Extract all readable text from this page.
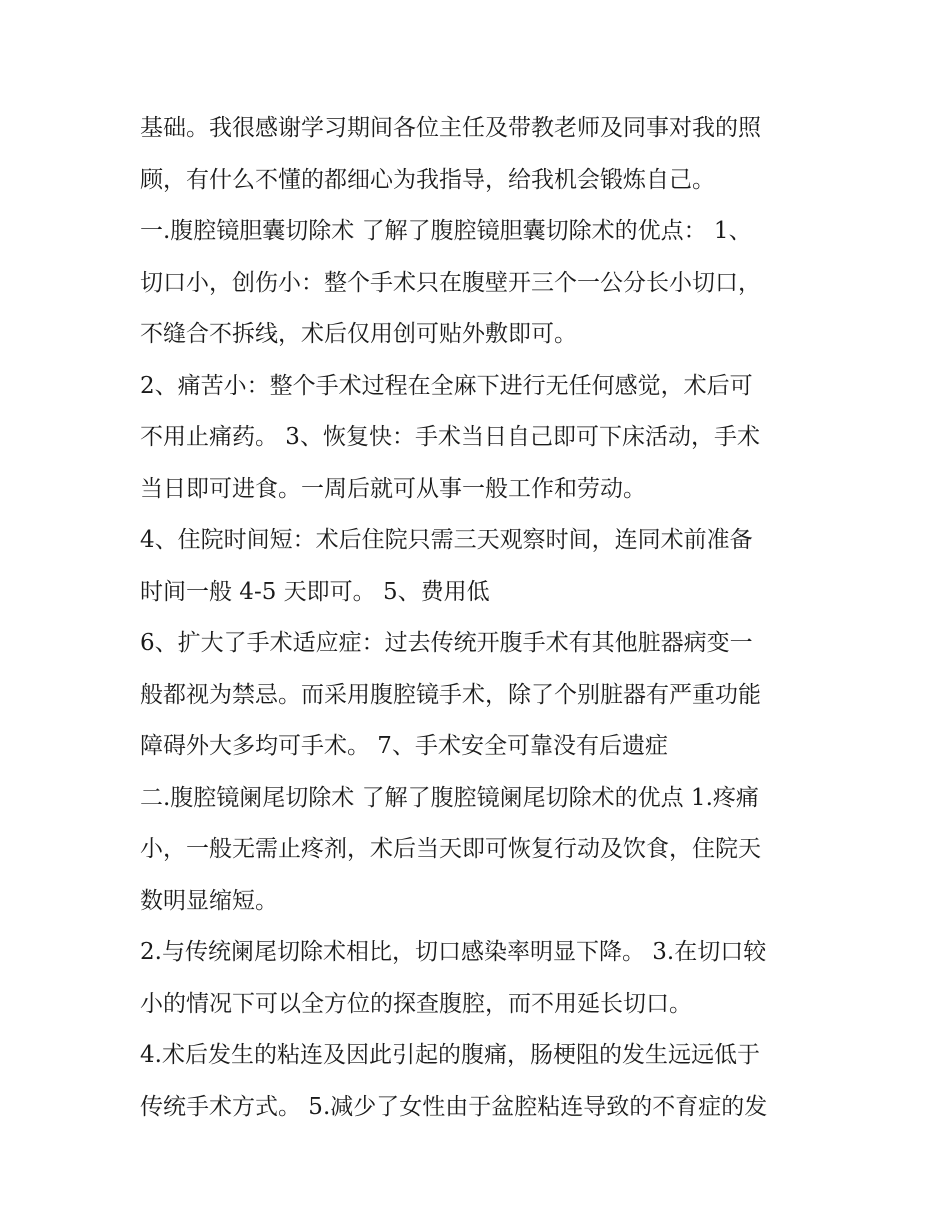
基础。我很感谢学习期间各位主任及带教老师及同事对我的照
顾，有什么不懂的都细心为我指导，给我机会锻炼自己。
一.腹腔镜胆囊切除术 了解了腹腔镜胆囊切除术的优点： 1、
切口小，创伤小：整个手术只在腹壁开三个一公分长小切口，
不缝合不拆线，术后仅用创可贴外敷即可。
2、痛苦小：整个手术过程在全麻下进行无任何感觉，术后可
不用止痛药。 3、恢复快：手术当日自己即可下床活动，手术
当日即可进食。一周后就可从事一般工作和劳动。
4、住院时间短：术后住院只需三天观察时间，连同术前准备
时间一般 4-5 天即可。 5、费用低
6、扩大了手术适应症：过去传统开腹手术有其他脏器病变一
般都视为禁忌。而采用腹腔镜手术，除了个别脏器有严重功能
障碍外大多均可手术。 7、手术安全可靠没有后遗症
二.腹腔镜阑尾切除术 了解了腹腔镜阑尾切除术的优点 1.疼痛
小，一般无需止疼剂，术后当天即可恢复行动及饮食，住院天
数明显缩短。
2.与传统阑尾切除术相比，切口感染率明显下降。 3.在切口较
小的情况下可以全方位的探查腹腔，而不用延长切口。
4.术后发生的粘连及因此引起的腹痛，肠梗阻的发生远远低于
传统手术方式。 5.减少了女性由于盆腔粘连导致的不育症的发
